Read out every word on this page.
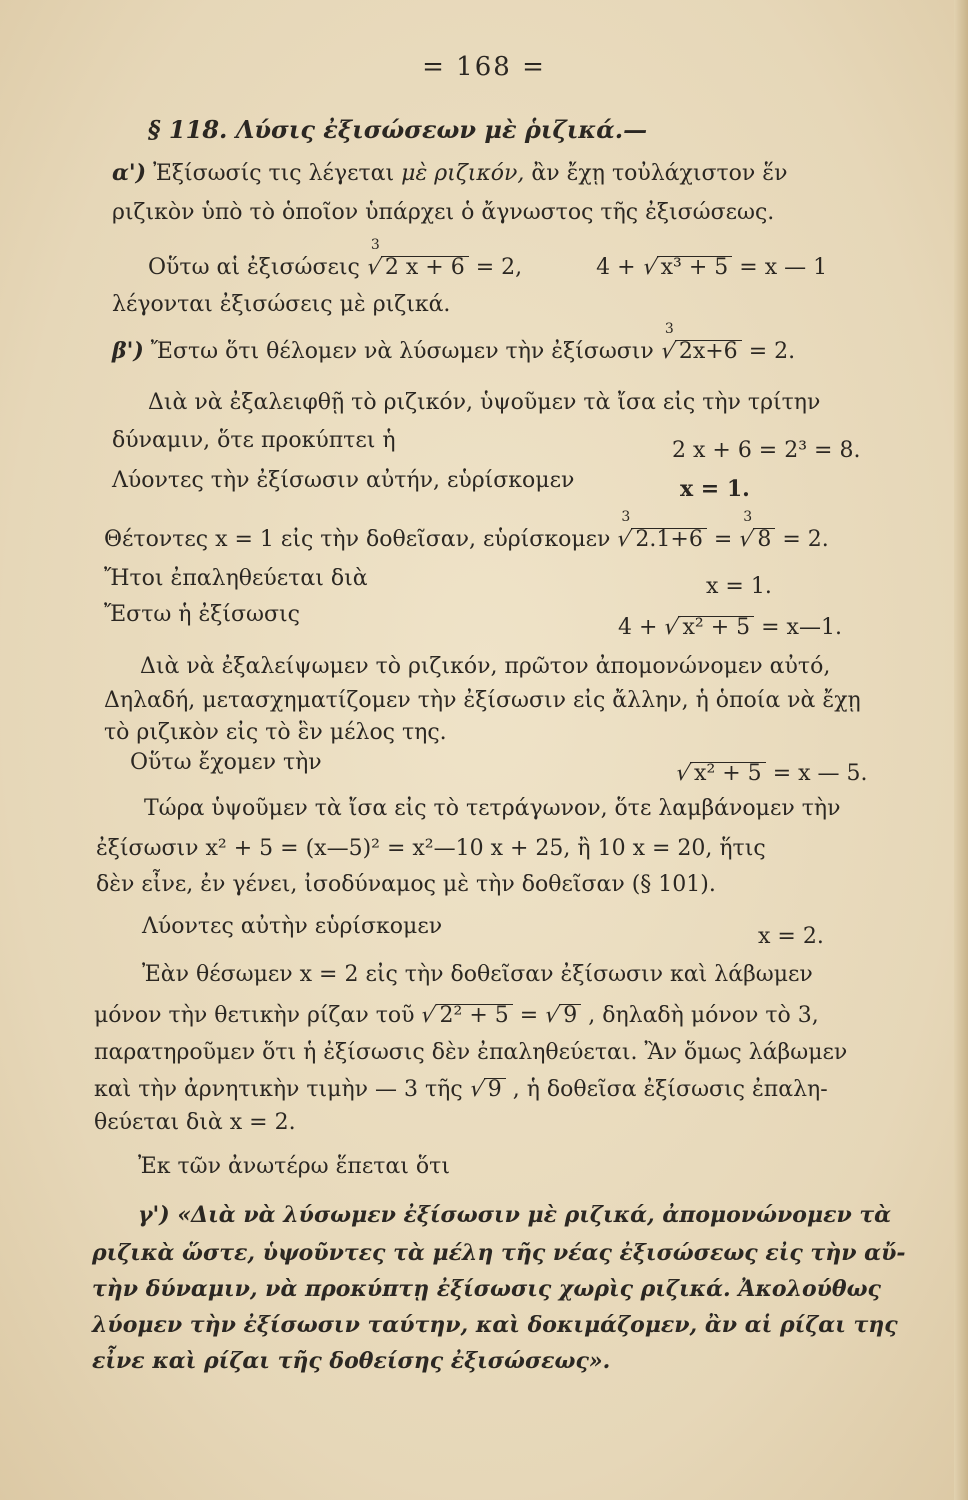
= 168 =
§ 118. Λύσις ἐξισώσεων μὲ ῥιζικά.—
α') Ἐξίσωσίς τις λέγεται μὲ ριζικόν, ἂν ἔχῃ τοὐλάχιστον ἕν
ριζικὸν ὑπὸ τὸ ὁποῖον ὑπάρχει ὁ ἄγνωστος τῆς ἐξισώσεως.
Οὕτω αἱ ἐξισώσεις
3
√2 x + 6 = 2,	4 + √x³ + 5 = x — 1
λέγονται ἐξισώσεις μὲ ριζικά.
β') Ἔστω ὅτι θέλομεν νὰ λύσωμεν τὴν ἐξίσωσιν
3
√2x+6 = 2.
Διὰ νὰ ἐξαλειφθῇ τὸ ριζικόν, ὑψοῦμεν τὰ ἴσα εἰς τὴν τρίτην
δύναμιν, ὅτε προκύπτει ἡ	2 x + 6 = 2³ = 8.
Λύοντες τὴν ἐξίσωσιν αὐτήν, εὑρίσκομεν	x = 1.
Θέτοντες x = 1 εἰς τὴν δοθεῖσαν, εὑρίσκομεν
3
√2.1+6 =
3
√8 = 2.
Ἤτοι ἐπαληθεύεται διὰ	x = 1.
Ἔστω ἡ ἐξίσωσις
4 + √x² + 5 = x—1.
Διὰ νὰ ἐξαλείψωμεν τὸ ριζικόν, πρῶτον ἀπομονώνομεν αὐτό,
Δηλαδή, μετασχηματίζομεν τὴν ἐξίσωσιν εἰς ἄλλην, ἡ ὁποία νὰ ἔχῃ
τὸ ριζικὸν εἰς τὸ ἓν μέλος της.
Οὕτω ἔχομεν τὴν	√x² + 5 = x — 5.
Τώρα ὑψοῦμεν τὰ ἴσα εἰς τὸ τετράγωνον, ὅτε λαμβάνομεν τὴν
ἐξίσωσιν x² + 5 = (x—5)² = x²—10 x + 25, ἢ 10 x = 20, ἥτις
δὲν εἶνε, ἐν γένει, ἰσοδύναμος μὲ τὴν δοθεῖσαν (§ 101).
Λύοντες αὐτὴν εὑρίσκομεν	x = 2.
Ἐὰν θέσωμεν x = 2 εἰς τὴν δοθεῖσαν ἐξίσωσιν καὶ λάβωμεν
μόνον τὴν θετικὴν ρίζαν τοῦ √2² + 5 = √9 , δηλαδὴ μόνον τὸ 3,
παρατηροῦμεν ὅτι ἡ ἐξίσωσις δὲν ἐπαληθεύεται. Ἂν ὅμως λάβωμεν
καὶ τὴν ἀρνητικὴν τιμὴν — 3 τῆς √9 , ἡ δοθεῖσα ἐξίσωσις ἐπαλη-
θεύεται διὰ x = 2.
Ἐκ τῶν ἀνωτέρω ἕπεται ὅτι
γ') «Διὰ νὰ λύσωμεν ἐξίσωσιν μὲ ριζικά, ἀπομονώνομεν τὰ
ριζικὰ ὥστε, ὑψοῦντες τὰ μέλη τῆς νέας ἐξισώσεως εἰς τὴν αὔ-
τὴν δύναμιν, νὰ προκύπτῃ ἐξίσωσις χωρὶς ριζικά. Ἀκολούθως
λύομεν τὴν ἐξίσωσιν ταύτην, καὶ δοκιμάζομεν, ἂν αἱ ρίζαι της
εἶνε καὶ ρίζαι τῆς δοθείσης ἐξισώσεως».
